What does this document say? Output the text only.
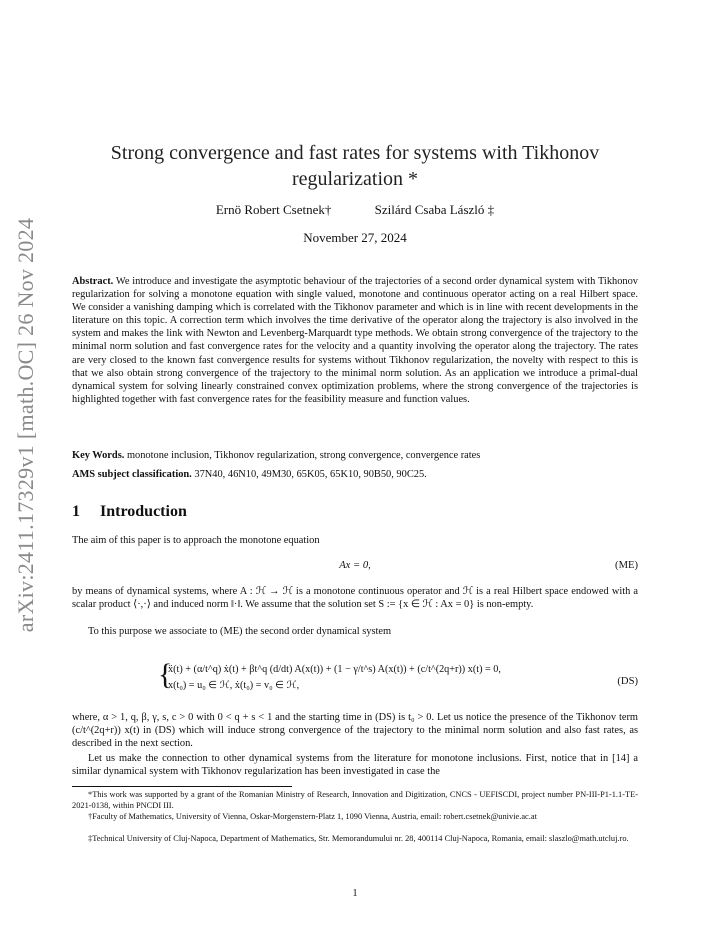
arXiv:2411.17329v1 [math.OC] 26 Nov 2024
Strong convergence and fast rates for systems with Tikhonov
regularization *
Ernö Robert Csetnek†	Szilárd Csaba László ‡
November 27, 2024
Abstract. We introduce and investigate the asymptotic behaviour of the trajectories of a second order dynamical system with Tikhonov regularization for solving a monotone equation with single valued, monotone and continuous operator acting on a real Hilbert space. We consider a vanishing damping which is correlated with the Tikhonov parameter and which is in line with recent developments in the literature on this topic. A correction term which involves the time derivative of the operator along the trajectory is also involved in the system and makes the link with Newton and Levenberg-Marquardt type methods. We obtain strong convergence of the trajectory to the minimal norm solution and fast convergence rates for the velocity and a quantity involving the operator along the trajectory. The rates are very closed to the known fast convergence results for systems without Tikhonov regularization, the novelty with respect to this is that we also obtain strong convergence of the trajectory to the minimal norm solution. As an application we introduce a primal-dual dynamical system for solving linearly constrained convex optimization problems, where the strong convergence of the trajectories is highlighted together with fast convergence rates for the feasibility measure and function values.
Key Words. monotone inclusion, Tikhonov regularization, strong convergence, convergence rates
AMS subject classification. 37N40, 46N10, 49M30, 65K05, 65K10, 90B50, 90C25.
1 Introduction
The aim of this paper is to approach the monotone equation
Ax = 0,	(ME)
by means of dynamical systems, where A : ℋ → ℋ is a monotone continuous operator and ℋ is a real Hilbert space endowed with a scalar product ⟨·,·⟩ and induced norm ‖·‖. We assume that the solution set S := {x ∈ ℋ : Ax = 0} is non-empty.
To this purpose we associate to (ME) the second order dynamical system
{
ẍ(t) + (α/t^q) ẋ(t) + βt^q (d/dt) A(x(t)) + (1 − γ/t^s) A(x(t)) + (c/t^(2q+r)) x(t) = 0,
x(t₀) = u₀ ∈ ℋ, ẋ(t₀) = v₀ ∈ ℋ,	(DS)
where, α > 1, q, β, γ, s, c > 0 with 0 < q + s < 1 and the starting time in (DS) is t₀ > 0. Let us notice the presence of the Tikhonov term (c/t^(2q+r)) x(t) in (DS) which will induce strong convergence of the trajectory to the minimal norm solution and also fast rates, as described in the next section.
Let us make the connection to other dynamical systems from the literature for monotone inclusions. First, notice that in [14] a similar dynamical system with Tikhonov regularization has been investigated in case the
*This work was supported by a grant of the Romanian Ministry of Research, Innovation and Digitization, CNCS - UEFISCDI, project number PN-III-P1-1.1-TE-2021-0138, within PNCDI III.
†Faculty of Mathematics, University of Vienna, Oskar-Morgenstern-Platz 1, 1090 Vienna, Austria, email: robert.csetnek@univie.ac.at
‡Technical University of Cluj-Napoca, Department of Mathematics, Str. Memorandumului nr. 28, 400114 Cluj-Napoca, Romania, email: slaszlo@math.utcluj.ro.
1
